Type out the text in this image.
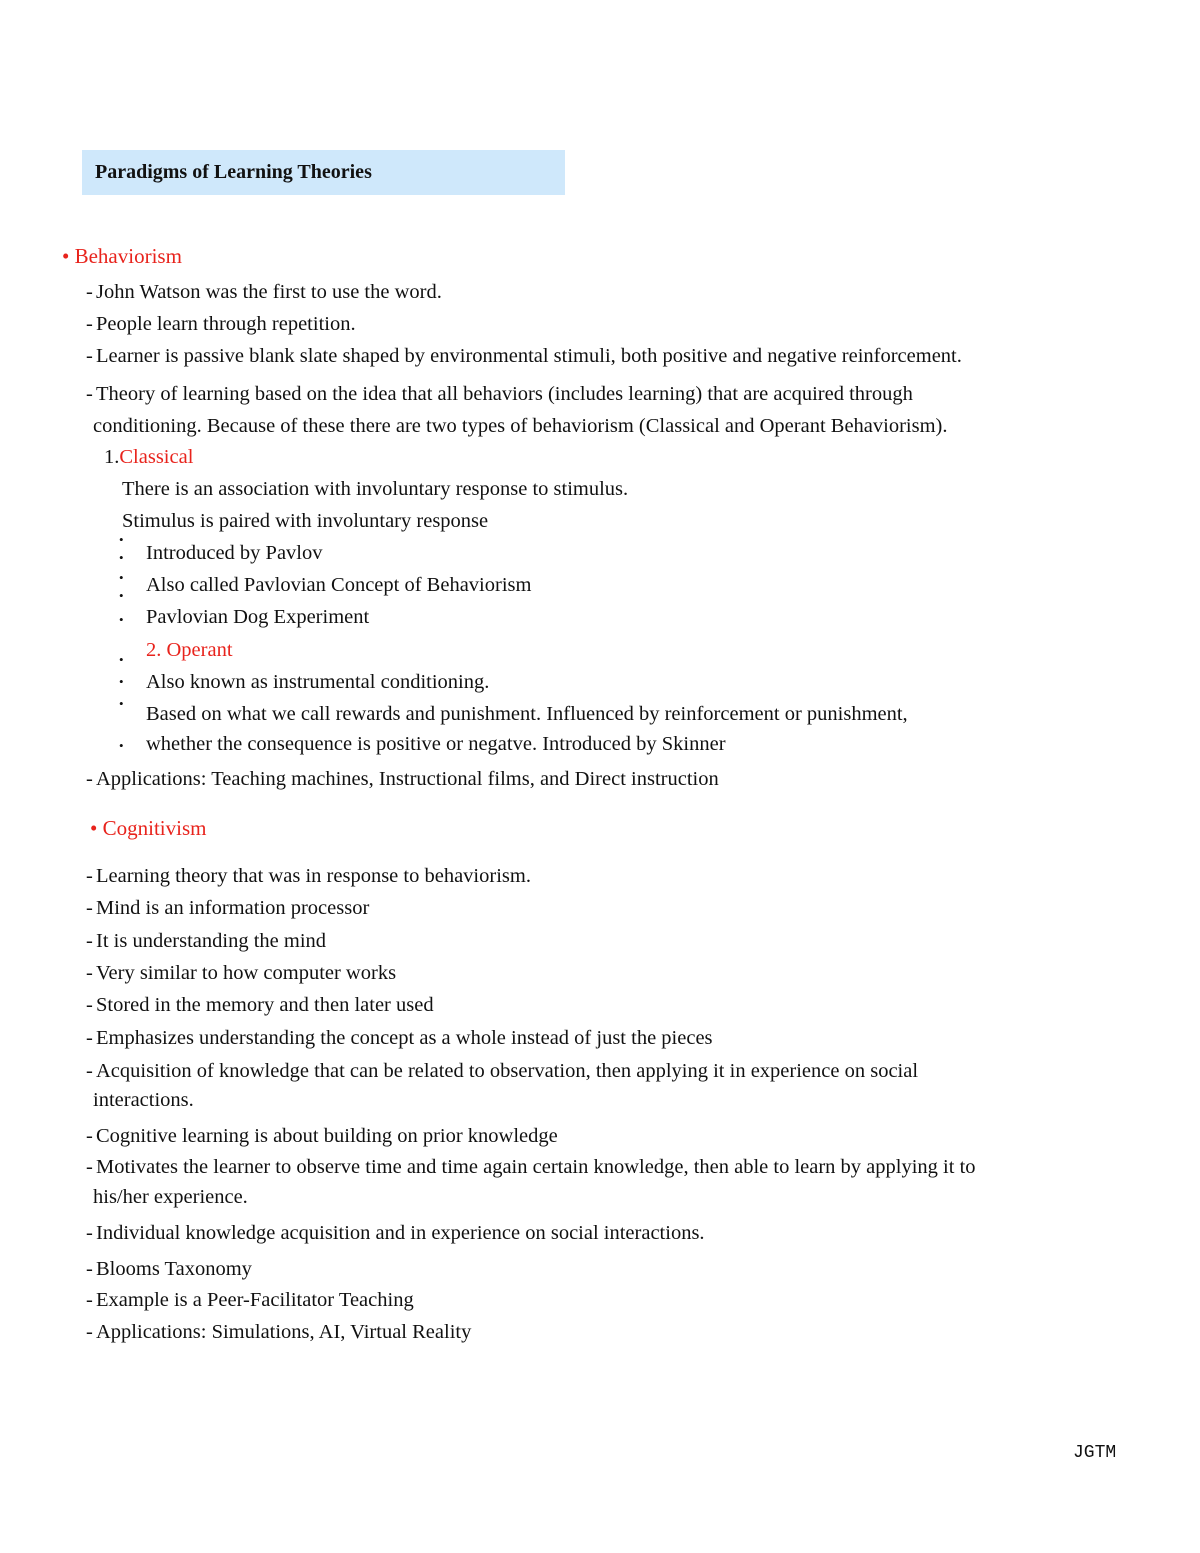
Paradigms of Learning Theories
• Behaviorism
- John Watson was the first to use the word.
- People learn through repetition.
- Learner is passive blank slate shaped by environmental stimuli, both positive and negative reinforcement.
- Theory of learning based on the idea that all behaviors (includes learning) that are acquired through
conditioning. Because of these there are two types of behaviorism (Classical and Operant Behaviorism).
1.Classical
There is an association with involuntary response to stimulus.
Stimulus is paired with involuntary response
•
• Introduced by Pavlov
•
• Also called Pavlovian Concept of Behaviorism
• Pavlovian Dog Experiment
• 2. Operant
• Also known as instrumental conditioning.
• Based on what we call rewards and punishment. Influenced by reinforcement or punishment,
• whether the consequence is positive or negatve. Introduced by Skinner
- Applications: Teaching machines, Instructional films, and Direct instruction
• Cognitivism
- Learning theory that was in response to behaviorism.
- Mind is an information processor
- It is understanding the mind
- Very similar to how computer works
- Stored in the memory and then later used
- Emphasizes understanding the concept as a whole instead of just the pieces
- Acquisition of knowledge that can be related to observation, then applying it in experience on social
interactions.
- Cognitive learning is about building on prior knowledge
- Motivates the learner to observe time and time again certain knowledge, then able to learn by applying it to
his/her experience.
- Individual knowledge acquisition and in experience on social interactions.
- Blooms Taxonomy
- Example is a Peer-Facilitator Teaching
- Applications: Simulations, AI, Virtual Reality
JGTM
